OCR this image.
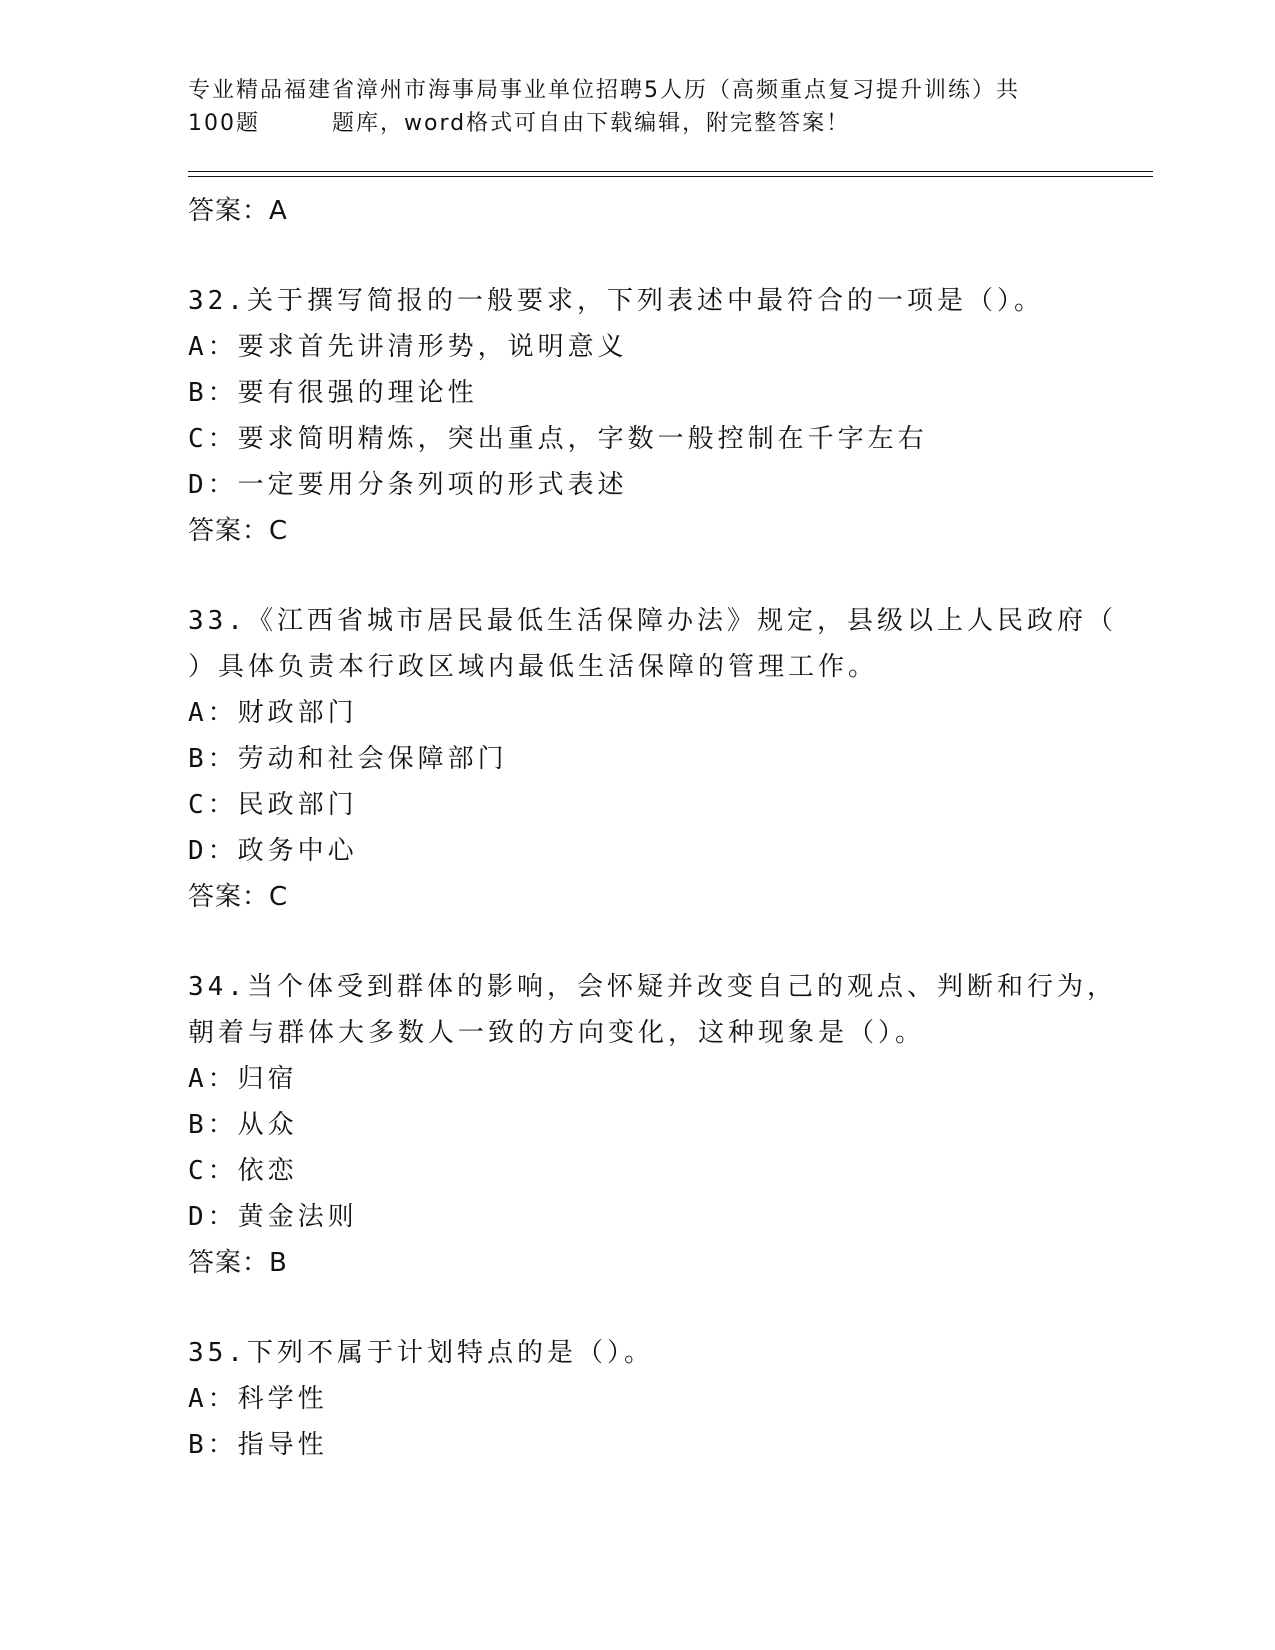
专业精品福建省漳州市海事局事业单位招聘5人历（高频重点复习提升训练）共
100题　　　题库，word格式可自由下载编辑，附完整答案！
答案：A
32.关于撰写简报的一般要求，下列表述中最符合的一项是（）。
A：要求首先讲清形势，说明意义
B：要有很强的理论性
C：要求简明精炼，突出重点，字数一般控制在千字左右
D：一定要用分条列项的形式表述
答案：C
33.《江西省城市居民最低生活保障办法》规定，县级以上人民政府（
）具体负责本行政区域内最低生活保障的管理工作。
A：财政部门
B：劳动和社会保障部门
C：民政部门
D：政务中心
答案：C
34.当个体受到群体的影响，会怀疑并改变自己的观点、判断和行为，
朝着与群体大多数人一致的方向变化，这种现象是（）。
A：归宿
B：从众
C：依恋
D：黄金法则
答案：B
35.下列不属于计划特点的是（）。
A：科学性
B：指导性
